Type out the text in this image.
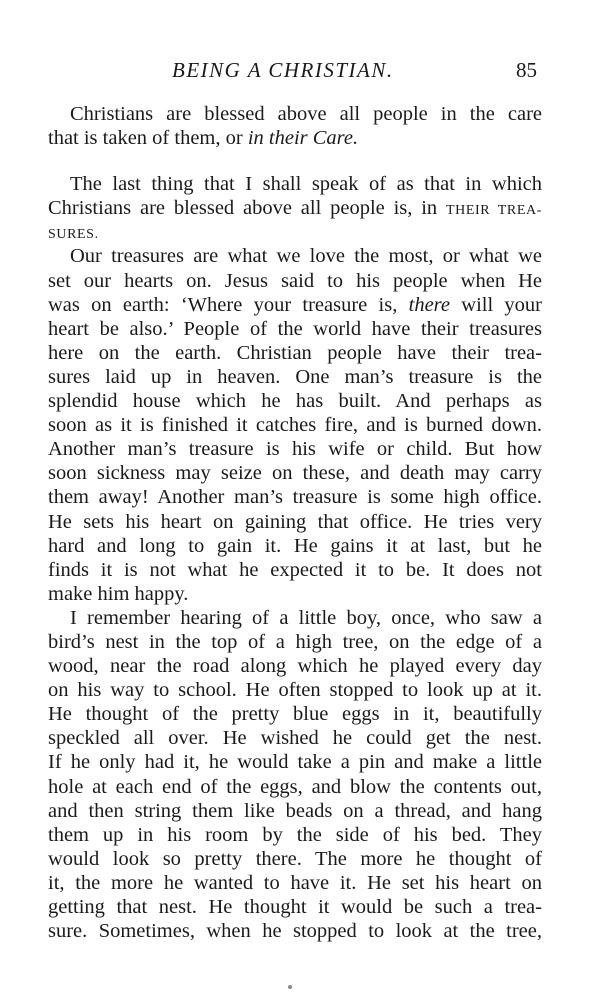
BEING A CHRISTIAN.	85
Christians are blessed above all people in the care
that is taken of them, or in their Care.
The last thing that I shall speak of as that in which
Christians are blessed above all people is, in THEIR TREA-
SURES.
Our treasures are what we love the most, or what we
set our hearts on. Jesus said to his people when He
was on earth: ‘Where your treasure is, there will your
heart be also.’ People of the world have their treasures
here on the earth. Christian people have their trea-
sures laid up in heaven. One man’s treasure is the
splendid house which he has built. And perhaps as
soon as it is finished it catches fire, and is burned down.
Another man’s treasure is his wife or child. But how
soon sickness may seize on these, and death may carry
them away! Another man’s treasure is some high office.
He sets his heart on gaining that office. He tries very
hard and long to gain it. He gains it at last, but he
finds it is not what he expected it to be. It does not
make him happy.
I remember hearing of a little boy, once, who saw a
bird’s nest in the top of a high tree, on the edge of a
wood, near the road along which he played every day
on his way to school. He often stopped to look up at it.
He thought of the pretty blue eggs in it, beautifully
speckled all over. He wished he could get the nest.
If he only had it, he would take a pin and make a little
hole at each end of the eggs, and blow the contents out,
and then string them like beads on a thread, and hang
them up in his room by the side of his bed. They
would look so pretty there. The more he thought of
it, the more he wanted to have it. He set his heart on
getting that nest. He thought it would be such a trea-
sure. Sometimes, when he stopped to look at the tree,
